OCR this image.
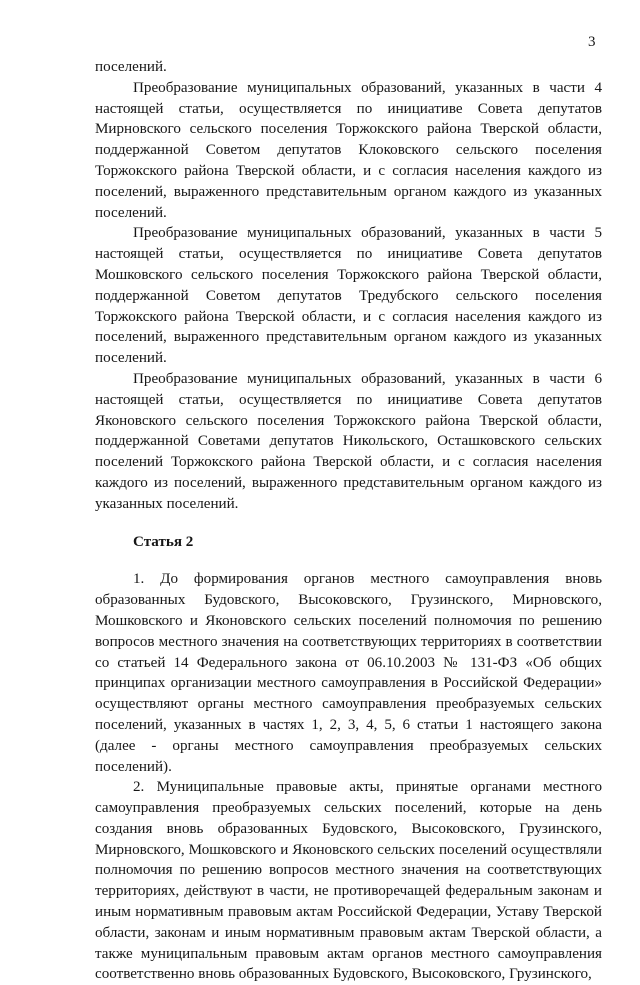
3

поселений.

Преобразование муниципальных образований, указанных в части 4 настоящей статьи, осуществляется по инициативе Совета депутатов Мирновского сельского поселения Торжокского района Тверской области, поддержанной Советом депутатов Клоковского сельского поселения Торжокского района Тверской области, и с согласия населения каждого из поселений, выраженного представительным органом каждого из указанных поселений.

Преобразование муниципальных образований, указанных в части 5 настоящей статьи, осуществляется по инициативе Совета депутатов Мошковского сельского поселения Торжокского района Тверской области, поддержанной Советом депутатов Тредубского сельского поселения Торжокского района Тверской области, и с согласия населения каждого из поселений, выраженного представительным органом каждого из указанных поселений.

Преобразование муниципальных образований, указанных в части 6 настоящей статьи, осуществляется по инициативе Совета депутатов Яконовского сельского поселения Торжокского района Тверской области, поддержанной Советами депутатов Никольского, Осташковского сельских поселений Торжокского района Тверской области, и с согласия населения каждого из поселений, выраженного представительным органом каждого из указанных поселений.

Статья 2

1. До формирования органов местного самоуправления вновь образованных Будовского, Высоковского, Грузинского, Мирновского, Мошковского и Яконовского сельских поселений полномочия по решению вопросов местного значения на соответствующих территориях в соответствии со статьей 14 Федерального закона от 06.10.2003 № 131-ФЗ «Об общих принципах организации местного самоуправления в Российской Федерации» осуществляют органы местного самоуправления преобразуемых сельских поселений, указанных в частях 1, 2, 3, 4, 5, 6 статьи 1 настоящего закона (далее - органы местного самоуправления преобразуемых сельских поселений).

2. Муниципальные правовые акты, принятые органами местного самоуправления преобразуемых сельских поселений, которые на день создания вновь образованных Будовского, Высоковского, Грузинского, Мирновского, Мошковского и Яконовского сельских поселений осуществляли полномочия по решению вопросов местного значения на соответствующих территориях, действуют в части, не противоречащей федеральным законам и иным нормативным правовым актам Российской Федерации, Уставу Тверской области, законам и иным нормативным правовым актам Тверской области, а также муниципальным правовым актам органов местного самоуправления соответственно вновь образованных Будовского, Высоковского, Грузинского,
